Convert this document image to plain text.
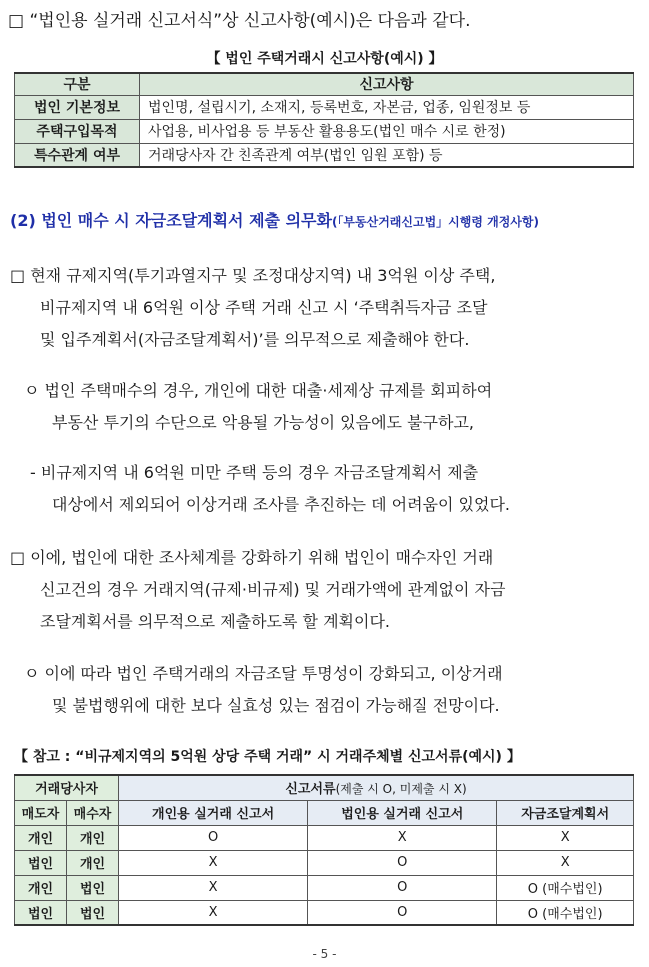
□ “법인용 실거래 신고서식”상 신고사항(예시)은 다음과 같다.
【 법인 주택거래시 신고사항(예시) 】
구분	신고사항
법인 기본정보	법인명, 설립시기, 소재지, 등록번호, 자본금, 업종, 임원정보 등
주택구입목적	사업용, 비사업용 등 부동산 활용용도(법인 매수 시로 한정)
특수관계 여부	거래당사자 간 친족관계 여부(법인 임원 포함) 등
(2) 법인 매수 시 자금조달계획서 제출 의무화(「부동산거래신고법」시행령 개정사항)
□ 현재 규제지역(투기과열지구 및 조정대상지역) 내 3억원 이상 주택,
비규제지역 내 6억원 이상 주택 거래 신고 시 ‘주택취득자금 조달
및 입주계획서(자금조달계획서)’를 의무적으로 제출해야 한다.
ㅇ 법인 주택매수의 경우, 개인에 대한 대출·세제상 규제를 회피하여
부동산 투기의 수단으로 악용될 가능성이 있음에도 불구하고,
- 비규제지역 내 6억원 미만 주택 등의 경우 자금조달계획서 제출
대상에서 제외되어 이상거래 조사를 추진하는 데 어려움이 있었다.
□ 이에, 법인에 대한 조사체계를 강화하기 위해 법인이 매수자인 거래
신고건의 경우 거래지역(규제·비규제) 및 거래가액에 관계없이 자금
조달계획서를 의무적으로 제출하도록 할 계획이다.
ㅇ 이에 따라 법인 주택거래의 자금조달 투명성이 강화되고, 이상거래
및 불법행위에 대한 보다 실효성 있는 점검이 가능해질 전망이다.
【 참고 : “비규제지역의 5억원 상당 주택 거래” 시 거래주체별 신고서류(예시) 】
거래당사자		신고서류(제출 시 O, 미제출 시 X)		
매도자	매수자	개인용 실거래 신고서	법인용 실거래 신고서	자금조달계획서
개인	개인	O	X	X
법인	개인	X	O	X
개인	법인	X	O	O (매수법인)
법인	법인	X	O	O (매수법인)
- 5 -
